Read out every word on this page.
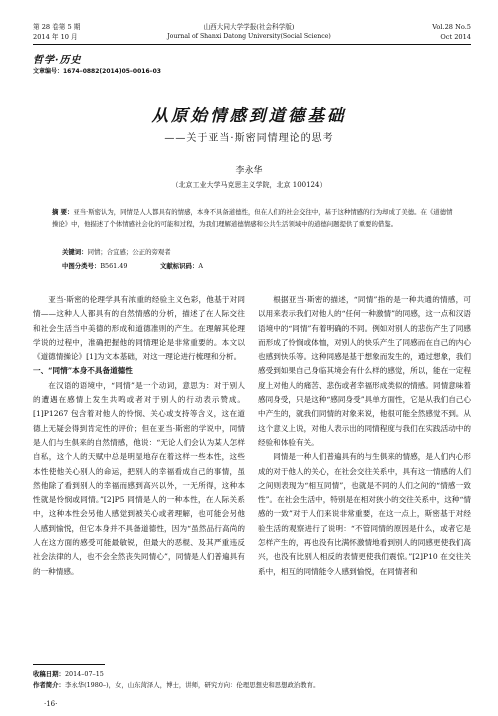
第 28 卷第 5 期
2014 年 10 月
山西大同大学学报(社会科学版)
Journal of Shanxi Datong University(Social Science)
Vol.28 No.5
Oct 2014
哲学·历史
文章编号：1674–0882(2014)05–0016–03
从原始情感到道德基础
——关于亚当·斯密同情理论的思考
李永华
（北京工业大学马克思主义学院，北京 100124）
摘 要：亚当·斯密认为，同情是人人都具有的情感，本身不具备道德性，但在人们的社会交往中，基于这种情感的行为却成了美德。在《道德情操论》中，他描述了个体情感社会化的可能和过程，为我们理解道德情感和公共生活领域中的道德问题提供了重要的借鉴。
关键词：同情；合宜感；公正的旁观者
中图分类号：B561.49	文献标识码：A

亚当·斯密的伦理学具有浓重的经验主义色彩，他基于对同情——这种人人都具有的自然情感的分析，描述了在人际交往和社会生活当中美德的形成和道德准则的产生。在理解其伦理学说的过程中，准确把握他的同情理论是非常重要的。本文以《道德情操论》[1]为文本基础，对这一理论进行梳理和分析。

一、“同情”本身不具备道德性

在汉语的语境中，“同情”是一个动词，意思为：对于别人的遭遇在感情上发生共鸣或者对于别人的行动表示赞成。[1]P1267 包含着对他人的怜悯、关心或支持等含义，这在道德上无疑会得到肯定性的评价；但在亚当·斯密的学说中，同情是人们与生俱来的自然情感，他说：“无论人们会认为某人怎样自私，这个人的天赋中总是明显地存在着这样一些本性，这些本性使他关心别人的命运，把别人的幸福看成自己的事情，虽然他除了看到别人的幸福而感到高兴以外，一无所得，这种本性就是怜悯或同情。”[2]P5 同情是人的一种本性，在人际关系中，这种本性会另他人感觉到被关心或者理解，也可能会另他人感到愉悦，但它本身并不具备道德性，因为“虽然品行高尚的人在这方面的感受可能最敏锐，但最大的恶棍、及其严重违反社会法律的人，也不会全然丧失同情心”，同情是人们普遍具有的一种情感。

根据亚当·斯密的描述，“同情”指的是一种共通的情感，可以用来表示我们对他人的“任何一种激情”的同感，这一点和汉语语境中的“同情”有着明确的不同。例如对别人的悲伤产生了同感而形成了怜悯或体恤，对别人的快乐产生了同感而在自己的内心也感到快乐等。这种同感是基于想象而发生的，通过想象，我们感受到如果自己身临其境会有什么样的感觉，所以，能在一定程度上对他人的痛苦、悲伤或者幸福形成类似的情感。同情意味着感同身受，只是这种“感同身受”具单方面性，它是从我们自己心中产生的，就我们同情的对象来说，他很可能全然感觉不到。从这个意义上说，对他人表示出的同情程度与我们在实践活动中的经验和体验有关。

同情是一种人们普遍具有的与生俱来的情感，是人们内心形成的对于他人的关心，在社会交往关系中，具有这一情感的人们之间则表现为“相互同情”，也就是不同的人们之间的“情感一致性”。在社会生活中，特别是在相对狭小的交往关系中，这种“情感的一致”对于人们来说非常重要，在这一点上，斯密基于对经验生活的观察进行了说明：“不管同情的原因是什么，或者它是怎样产生的，再也没有比满怀激情地看到别人的同感更使我们高兴，也没有比别人相反的表情更使我们震惊。”[2]P10 在交往关系中，相互的同情能令人感到愉悦，在同情者和

收稿日期：2014–07–15
作者简介：李永华(1980–)，女，山东菏泽人，博士，讲师，研究方向：伦理思想史和思想政治教育。
·16·
